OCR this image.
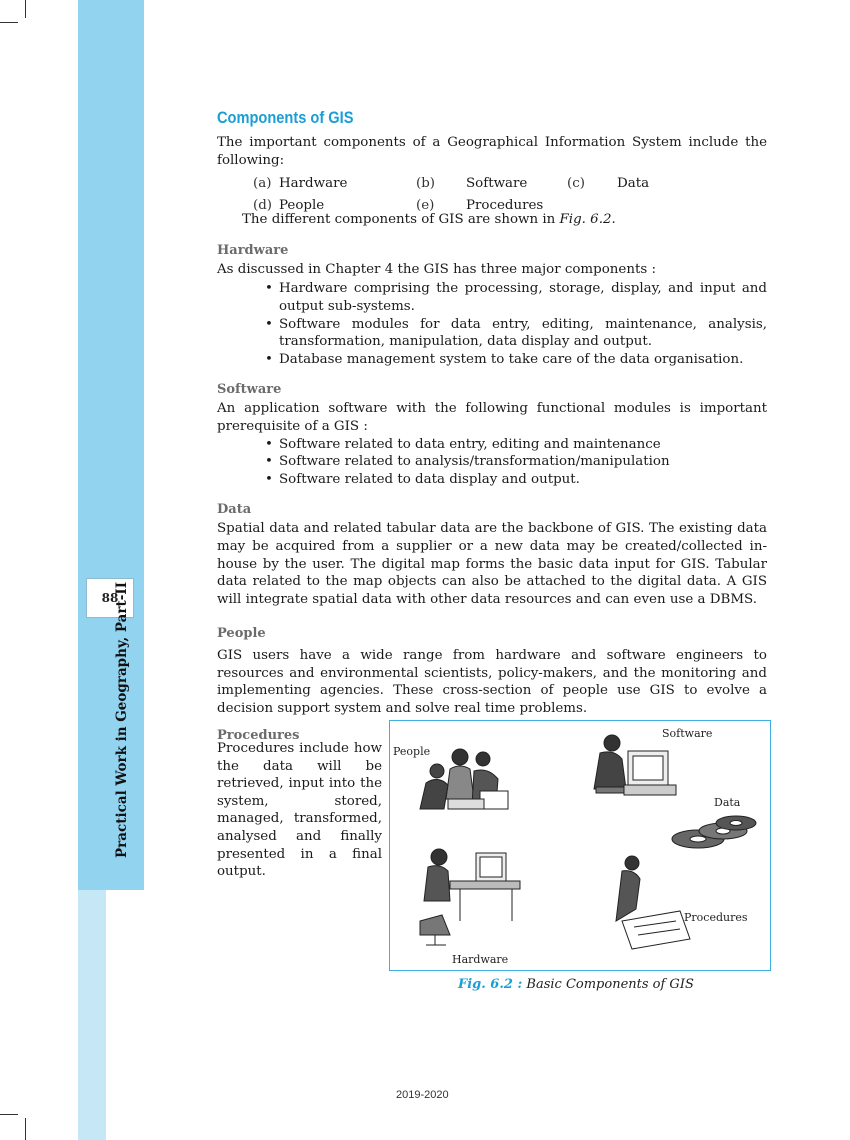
88
Practical Work in Geography, Part-II
Components of GIS

The important components of a Geographical Information System include the following:

(a) Hardware	(b)	Software	(c)	Data
(d) People	(e)	Procedures

The different components of GIS are shown in Fig. 6.2.

Hardware

As discussed in Chapter 4 the GIS has three major components :

• Hardware comprising the processing, storage, display, and input and output sub-systems.
• Software modules for data entry, editing, maintenance, analysis, transformation, manipulation, data display and output.
• Database management system to take care of the data organisation.
Software

An application software with the following functional modules is important prerequisite of a GIS :

• Software related to data entry, editing and maintenance
• Software related to analysis/transformation/manipulation
• Software related to data display and output.
Data

Spatial data and related tabular data are the backbone of GIS. The existing data may be acquired from a supplier or a new data may be created/collected in-house by the user. The digital map forms the basic data input for GIS. Tabular data related to the map objects can also be attached to the digital data. A GIS will integrate spatial data with other data resources and can even use a DBMS.

People

GIS users have a wide range from hardware and software engineers to resources and environmental scientists, policy-makers, and the monitoring and implementing agencies. These cross-section of people use GIS to evolve a decision support system and solve real time problems.

Procedures
Procedures include how the data will be retrieved, input into the system, stored, managed, transformed, analysed and finally presented in a final output.
People
Software
Data
Procedures
Hardware
Fig. 6.2 : Basic Components of GIS
2019-2020
